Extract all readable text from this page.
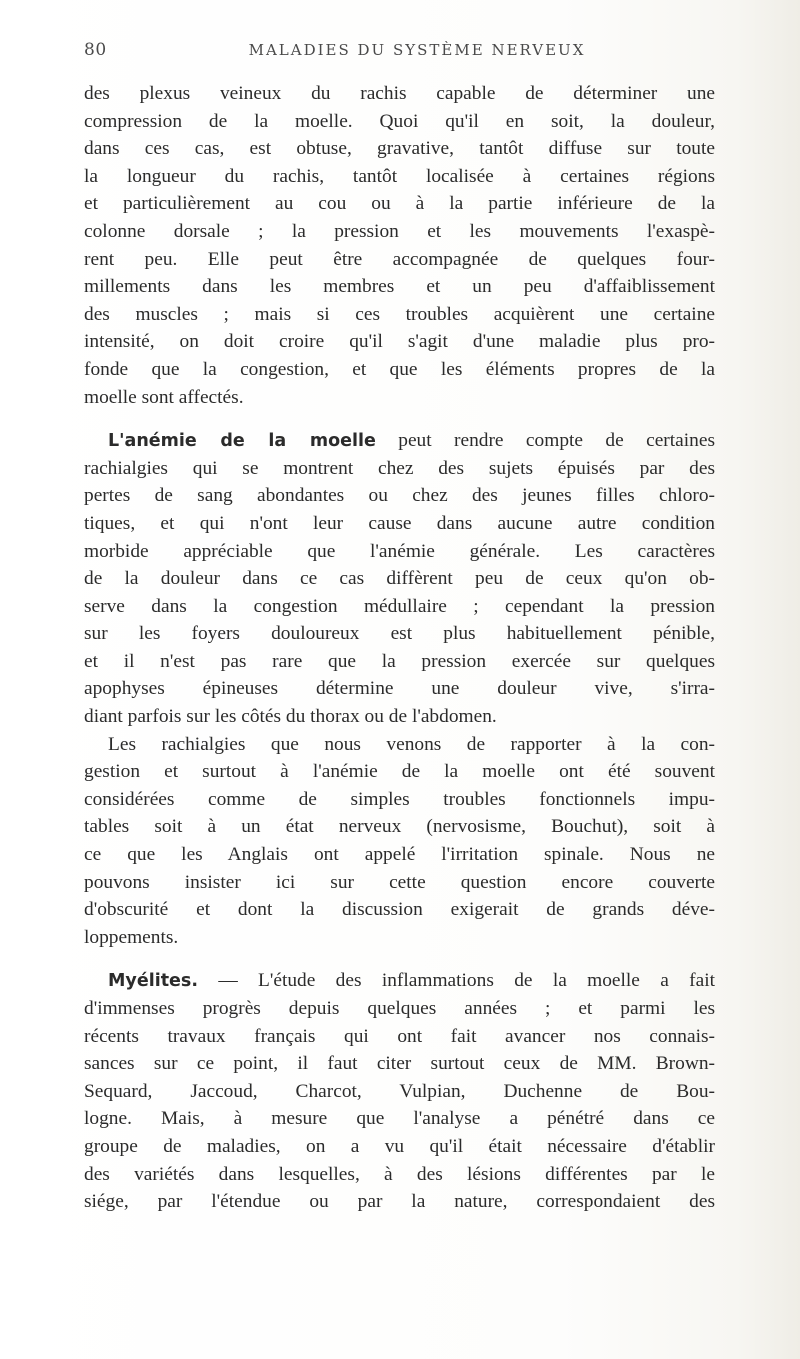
80	MALADIES DU SYSTÈME NERVEUX
des plexus veineux du rachis capable de déterminer une
compression de la moelle. Quoi qu'il en soit, la douleur,
dans ces cas, est obtuse, gravative, tantôt diffuse sur toute
la longueur du rachis, tantôt localisée à certaines régions
et particulièrement au cou ou à la partie inférieure de la
colonne dorsale ; la pression et les mouvements l'exaspè-
rent peu. Elle peut être accompagnée de quelques four-
millements dans les membres et un peu d'affaiblissement
des muscles ; mais si ces troubles acquièrent une certaine
intensité, on doit croire qu'il s'agit d'une maladie plus pro-
fonde que la congestion, et que les éléments propres de la
moelle sont affectés.
L'anémie de la moelle peut rendre compte de certaines
rachialgies qui se montrent chez des sujets épuisés par des
pertes de sang abondantes ou chez des jeunes filles chloro-
tiques, et qui n'ont leur cause dans aucune autre condition
morbide appréciable que l'anémie générale. Les caractères
de la douleur dans ce cas diffèrent peu de ceux qu'on ob-
serve dans la congestion médullaire ; cependant la pression
sur les foyers douloureux est plus habituellement pénible,
et il n'est pas rare que la pression exercée sur quelques
apophyses épineuses détermine une douleur vive, s'irra-
diant parfois sur les côtés du thorax ou de l'abdomen.
Les rachialgies que nous venons de rapporter à la con-
gestion et surtout à l'anémie de la moelle ont été souvent
considérées comme de simples troubles fonctionnels impu-
tables soit à un état nerveux (nervosisme, Bouchut), soit à
ce que les Anglais ont appelé l'irritation spinale. Nous ne
pouvons insister ici sur cette question encore couverte
d'obscurité et dont la discussion exigerait de grands déve-
loppements.
Myélites. — L'étude des inflammations de la moelle a fait
d'immenses progrès depuis quelques années ; et parmi les
récents travaux français qui ont fait avancer nos connais-
sances sur ce point, il faut citer surtout ceux de MM. Brown-
Sequard, Jaccoud, Charcot, Vulpian, Duchenne de Bou-
logne. Mais, à mesure que l'analyse a pénétré dans ce
groupe de maladies, on a vu qu'il était nécessaire d'établir
des variétés dans lesquelles, à des lésions différentes par le
siége, par l'étendue ou par la nature, correspondaient des
